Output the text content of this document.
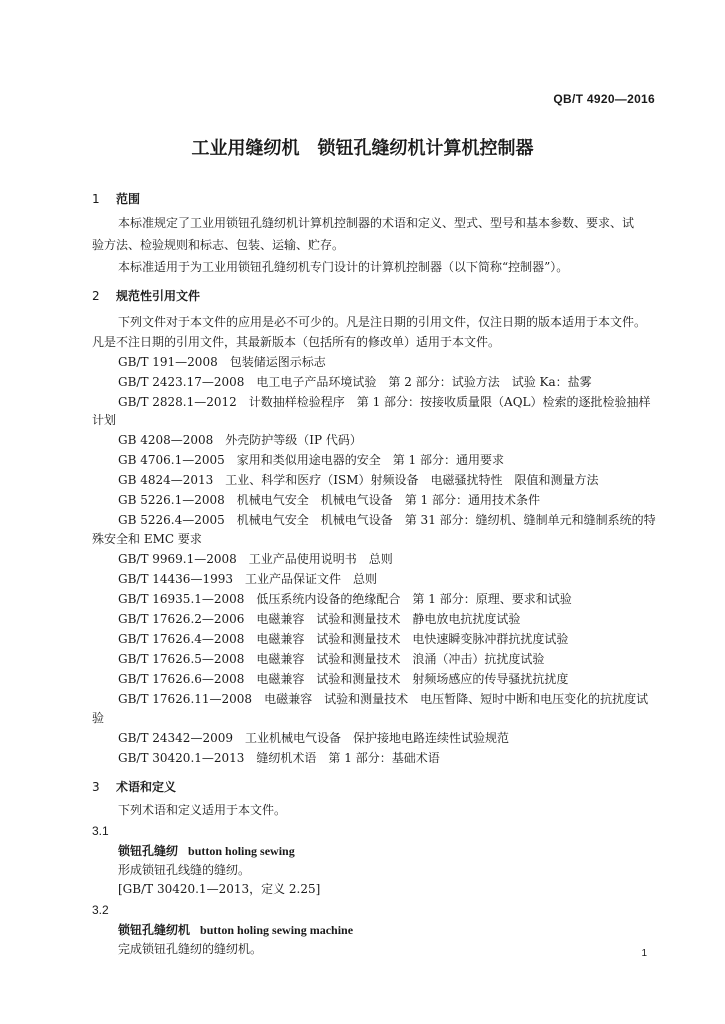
QB/T 4920—2016
工业用缝纫机　锁钮孔缝纫机计算机控制器
1 范围
本标准规定了工业用锁钮孔缝纫机计算机控制器的术语和定义、型式、型号和基本参数、要求、试
验方法、检验规则和标志、包装、运输、贮存。
本标准适用于为工业用锁钮孔缝纫机专门设计的计算机控制器（以下简称“控制器”）。
2 规范性引用文件
下列文件对于本文件的应用是必不可少的。凡是注日期的引用文件，仅注日期的版本适用于本文件。
凡是不注日期的引用文件，其最新版本（包括所有的修改单）适用于本文件。
GB/T 191—2008　包装储运图示标志
GB/T 2423.17—2008　电工电子产品环境试验　第 2 部分：试验方法　试验 Ka：盐雾
GB/T 2828.1—2012　计数抽样检验程序　第 1 部分：按接收质量限（AQL）检索的逐批检验抽样
计划
GB 4208—2008　外壳防护等级（IP 代码）
GB 4706.1—2005　家用和类似用途电器的安全　第 1 部分：通用要求
GB 4824—2013　工业、科学和医疗（ISM）射频设备　电磁骚扰特性　限值和测量方法
GB 5226.1—2008　机械电气安全　机械电气设备　第 1 部分：通用技术条件
GB 5226.4—2005　机械电气安全　机械电气设备　第 31 部分：缝纫机、缝制单元和缝制系统的特
殊安全和 EMC 要求
GB/T 9969.1—2008　工业产品使用说明书　总则
GB/T 14436—1993　工业产品保证文件　总则
GB/T 16935.1—2008　低压系统内设备的绝缘配合　第 1 部分：原理、要求和试验
GB/T 17626.2—2006　电磁兼容　试验和测量技术　静电放电抗扰度试验
GB/T 17626.4—2008　电磁兼容　试验和测量技术　电快速瞬变脉冲群抗扰度试验
GB/T 17626.5—2008　电磁兼容　试验和测量技术　浪涌（冲击）抗扰度试验
GB/T 17626.6—2008　电磁兼容　试验和测量技术　射频场感应的传导骚扰抗扰度
GB/T 17626.11—2008　电磁兼容　试验和测量技术　电压暂降、短时中断和电压变化的抗扰度试
验
GB/T 24342—2009　工业机械电气设备　保护接地电路连续性试验规范
GB/T 30420.1—2013　缝纫机术语　第 1 部分：基础术语
3 术语和定义
下列术语和定义适用于本文件。
3.1
锁钮孔缝纫 button holing sewing
形成锁钮孔线缝的缝纫。
[GB/T 30420.1—2013，定义 2.25]
3.2
锁钮孔缝纫机 button holing sewing machine
完成锁钮孔缝纫的缝纫机。	1
